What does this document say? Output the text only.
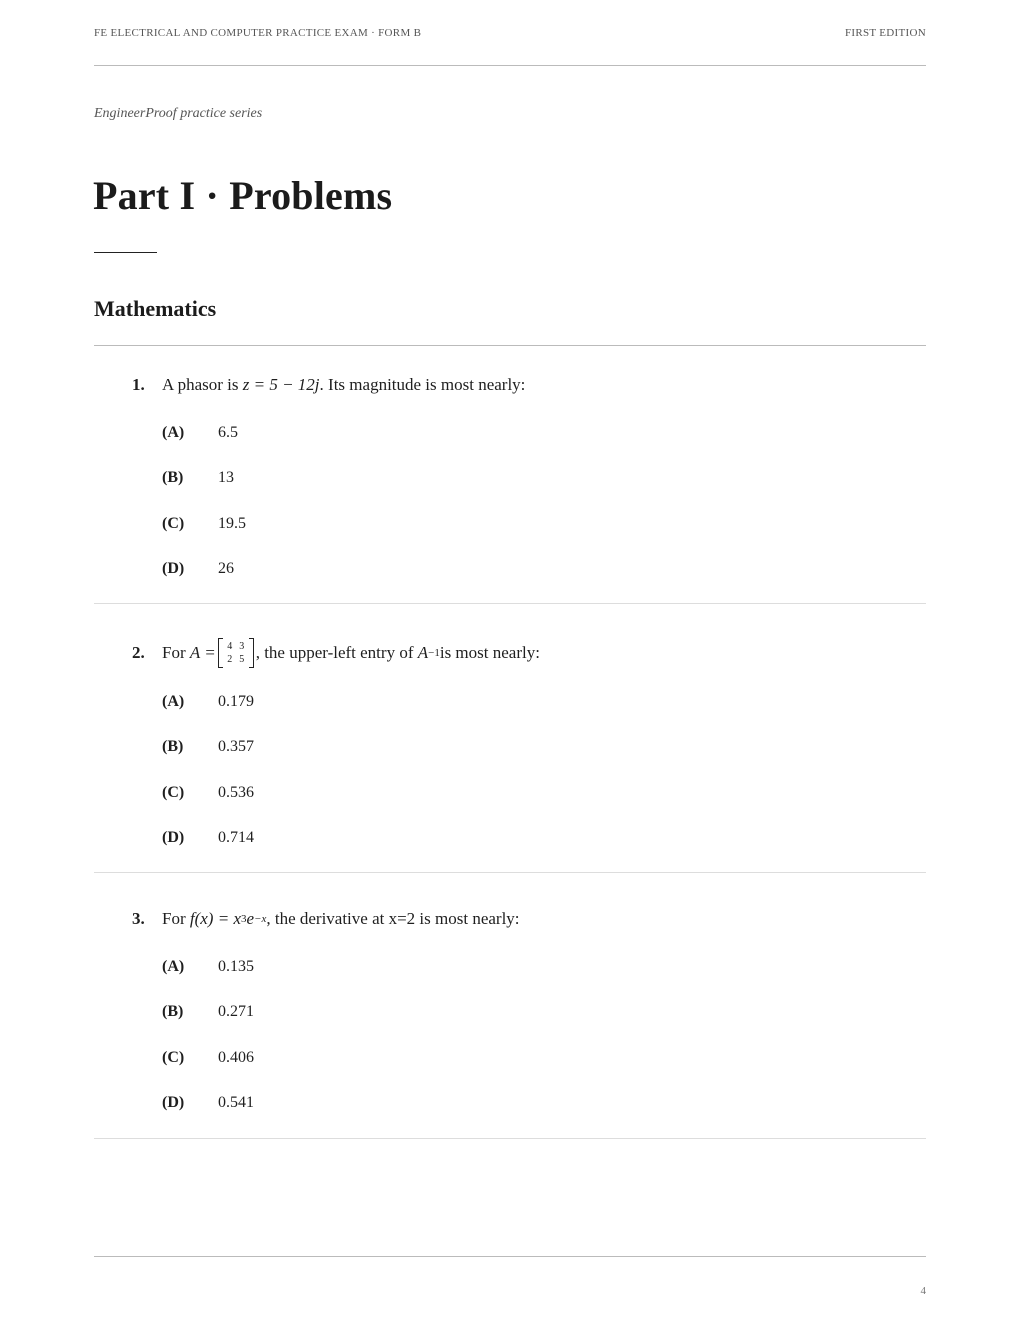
FE ELECTRICAL AND COMPUTER PRACTICE EXAM · FORM B	FIRST EDITION
EngineerProof practice series
Part I · Problems
Mathematics
1.	A phasor is
z = 5 − 12j . Its magnitude is most nearly:
(A)	6.5
(B)	13
(C)	19.5
(D)	26
2.	For
A =	4 3
2 5 , the upper-left entry of
A −1 is most nearly:
(A)	0.179
(B)	0.357
(C)	0.536
(D)	0.714
3.	For
f(x) = x 3 e −x , the derivative at x=2 is most nearly:
(A)	0.135
(B)	0.271
(C)	0.406
(D)	0.541
4
